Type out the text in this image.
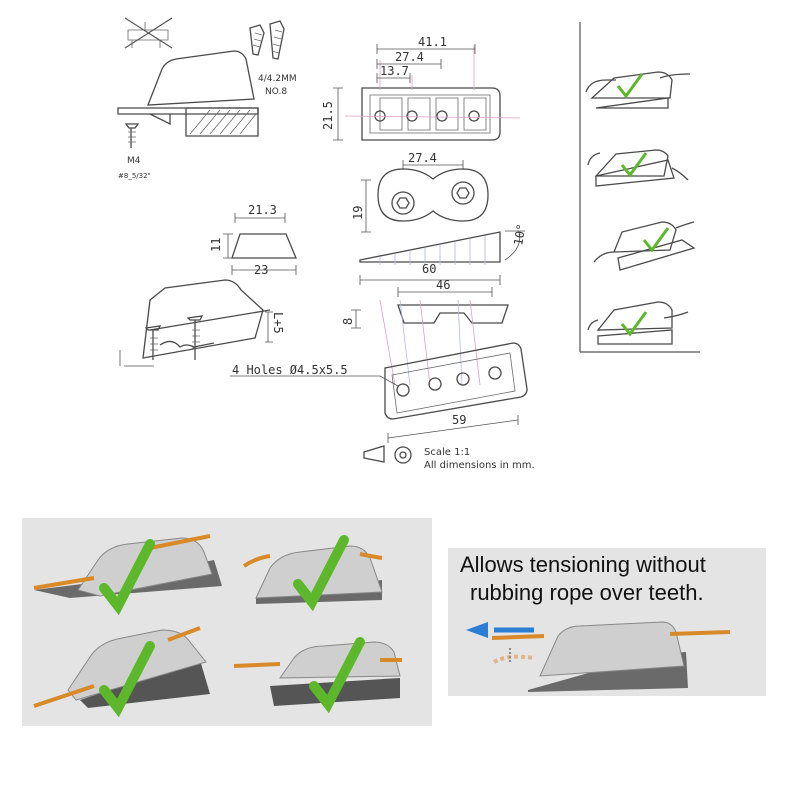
4/4.2MM
NO.8
M4
#8_5/32"
41.1
27.4
13.7
21.5
27.4
19
10°
60
21.3
11
23
L+5
46
8
4 Holes Ø4.5x5.5
59
Scale 1:1
All dimensions in mm.
Allows tensioning without
rubbing rope over teeth.
